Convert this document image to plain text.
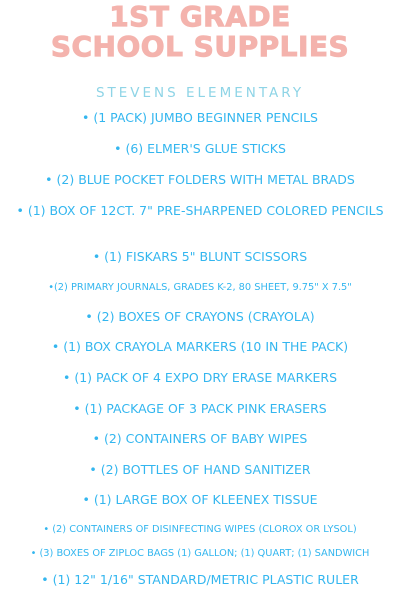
1ST GRADE
SCHOOL SUPPLIES
STEVENS ELEMENTARY
• (1 PACK) JUMBO BEGINNER PENCILS
• (6) ELMER'S GLUE STICKS
• (2) BLUE POCKET FOLDERS WITH METAL BRADS
• (1) BOX OF 12CT. 7" PRE-SHARPENED COLORED PENCILS
• (1) FISKARS 5" BLUNT SCISSORS
•(2) PRIMARY JOURNALS, GRADES K-2, 80 SHEET, 9.75" X 7.5"
• (2) BOXES OF CRAYONS (CRAYOLA)
• (1) BOX CRAYOLA MARKERS (10 IN THE PACK)
• (1) PACK OF 4 EXPO DRY ERASE MARKERS
• (1) PACKAGE OF 3 PACK PINK ERASERS
• (2) CONTAINERS OF BABY WIPES
• (2) BOTTLES OF HAND SANITIZER
• (1) LARGE BOX OF KLEENEX TISSUE
• (2) CONTAINERS OF DISINFECTING WIPES (CLOROX OR LYSOL)
• (3) BOXES OF ZIPLOC BAGS (1) GALLON; (1) QUART; (1) SANDWICH
• (1) 12" 1/16" STANDARD/METRIC PLASTIC RULER
